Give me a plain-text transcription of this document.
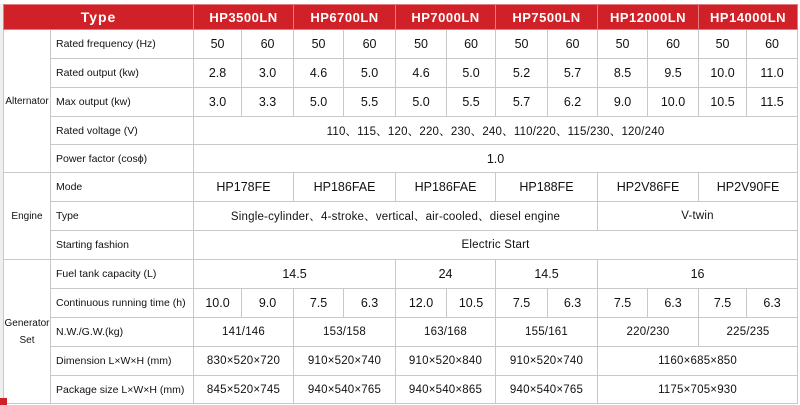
Type		HP3500LN		HP6700LN		HP7000LN		HP7500LN		HP12000LN		HP14000LN	
Alternator	Rated frequency (Hz)	50	60	50	60	50	60	50	60	50	60	50	60
	Rated output (kw)	2.8	3.0	4.6	5.0	4.6	5.0	5.2	5.7	8.5	9.5	10.0	11.0
	Max output (kw)	3.0	3.3	5.0	5.5	5.0	5.5	5.7	6.2	9.0	10.0	10.5	11.5
	Rated voltage (V)	110、115、120、220、230、240、110/220、115/230、120/240											
	Power factor (cosϕ)	1.0											
Engine	Mode	HP178FE		HP186FAE		HP186FAE		HP188FE		HP2V86FE		HP2V90FE	
	Type	Single-cylinder、4-stroke、vertical、air-cooled、diesel engine								V-twin			
	Starting fashion	Electric Start											
Generator
Set	Fuel tank capacity (L)	14.5				24		14.5		16			
	Continuous running time (h)	10.0	9.0	7.5	6.3	12.0	10.5	7.5	6.3	7.5	6.3	7.5	6.3
	N.W./G.W.(kg)	141/146		153/158		163/168		155/161		220/230		225/235	
	Dimension L×W×H (mm)	830×520×720		910×520×740		910×520×840		910×520×740		1160×685×850			
	Package size L×W×H (mm)	845×520×745		940×540×765		940×540×865		940×540×765		1175×705×930			
